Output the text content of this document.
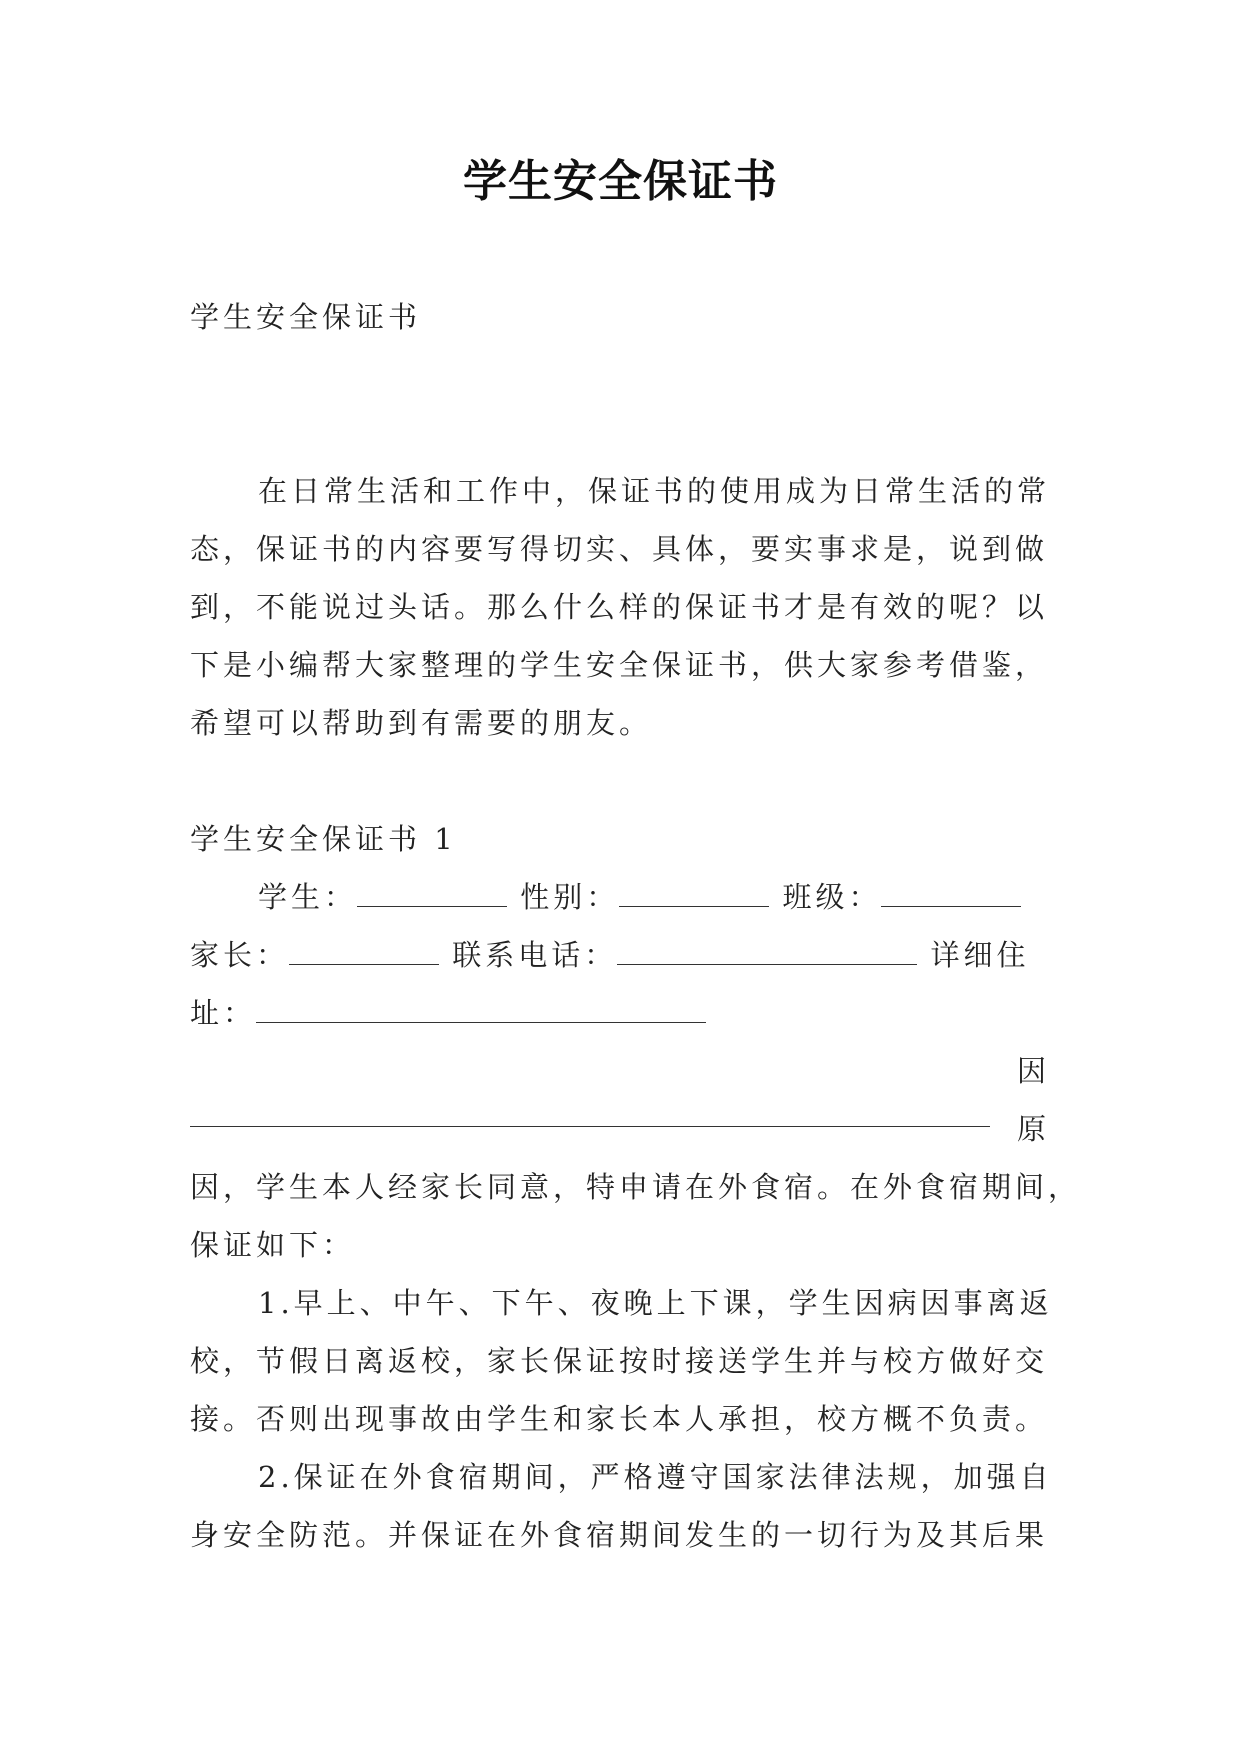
学生安全保证书
学生安全保证书
在日常生活和工作中，保证书的使用成为日常生活的常
态，保证书的内容要写得切实、具体，要实事求是，说到做
到，不能说过头话。那么什么样的保证书才是有效的呢？以
下是小编帮大家整理的学生安全保证书，供大家参考借鉴，
希望可以帮助到有需要的朋友。
学生安全保证书 1
学生：	性别：	班级：
家长：	联系电话：	详细住
址：
因
原
因，学生本人经家长同意，特申请在外食宿。在外食宿期间，
保证如下：
1.早上、中午、下午、夜晚上下课，学生因病因事离返
校，节假日离返校，家长保证按时接送学生并与校方做好交
接。否则出现事故由学生和家长本人承担，校方概不负责。
2.保证在外食宿期间，严格遵守国家法律法规，加强自
身安全防范。并保证在外食宿期间发生的一切行为及其后果
